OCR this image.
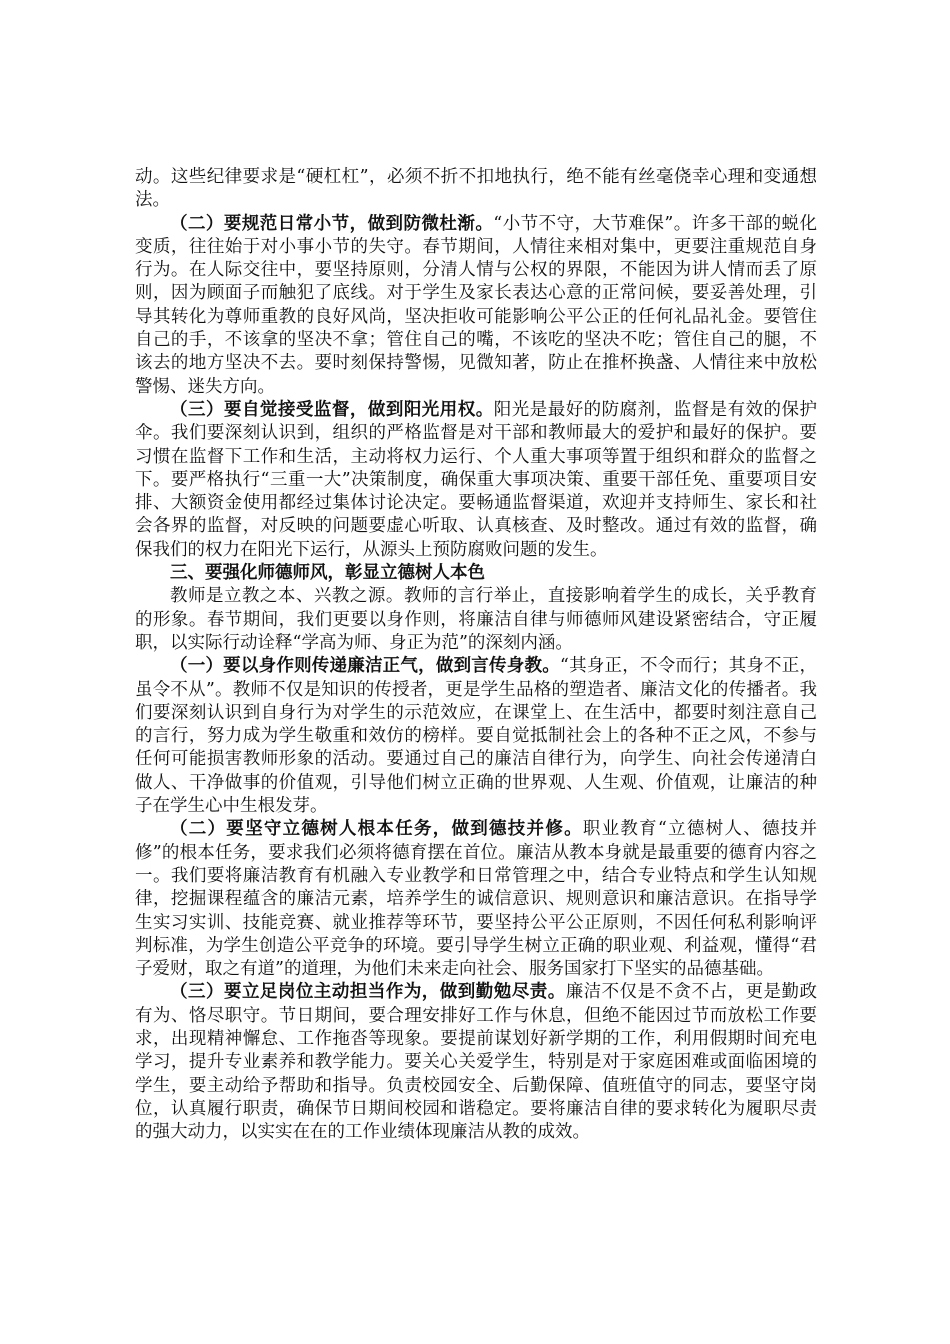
动。这些纪律要求是“硬杠杠”，必须不折不扣地执行，绝不能有丝毫侥幸心理和变通想法。

（二）要规范日常小节，做到防微杜渐。“小节不守，大节难保”。许多干部的蜕化变质，往往始于对小事小节的失守。春节期间，人情往来相对集中，更要注重规范自身行为。在人际交往中，要坚持原则，分清人情与公权的界限，不能因为讲人情而丢了原则，因为顾面子而触犯了底线。对于学生及家长表达心意的正常问候，要妥善处理，引导其转化为尊师重教的良好风尚，坚决拒收可能影响公平公正的任何礼品礼金。要管住自己的手，不该拿的坚决不拿；管住自己的嘴，不该吃的坚决不吃；管住自己的腿，不该去的地方坚决不去。要时刻保持警惕，见微知著，防止在推杯换盏、人情往来中放松警惕、迷失方向。

（三）要自觉接受监督，做到阳光用权。阳光是最好的防腐剂，监督是有效的保护伞。我们要深刻认识到，组织的严格监督是对干部和教师最大的爱护和最好的保护。要习惯在监督下工作和生活，主动将权力运行、个人重大事项等置于组织和群众的监督之下。要严格执行“三重一大”决策制度，确保重大事项决策、重要干部任免、重要项目安排、大额资金使用都经过集体讨论决定。要畅通监督渠道，欢迎并支持师生、家长和社会各界的监督，对反映的问题要虚心听取、认真核查、及时整改。通过有效的监督，确保我们的权力在阳光下运行，从源头上预防腐败问题的发生。

三、要强化师德师风，彰显立德树人本色

教师是立教之本、兴教之源。教师的言行举止，直接影响着学生的成长，关乎教育的形象。春节期间，我们更要以身作则，将廉洁自律与师德师风建设紧密结合，守正履职，以实际行动诠释“学高为师、身正为范”的深刻内涵。

（一）要以身作则传递廉洁正气，做到言传身教。“其身正，不令而行；其身不正，虽令不从”。教师不仅是知识的传授者，更是学生品格的塑造者、廉洁文化的传播者。我们要深刻认识到自身行为对学生的示范效应，在课堂上、在生活中，都要时刻注意自己的言行，努力成为学生敬重和效仿的榜样。要自觉抵制社会上的各种不正之风，不参与任何可能损害教师形象的活动。要通过自己的廉洁自律行为，向学生、向社会传递清白做人、干净做事的价值观，引导他们树立正确的世界观、人生观、价值观，让廉洁的种子在学生心中生根发芽。

（二）要坚守立德树人根本任务，做到德技并修。职业教育“立德树人、德技并修”的根本任务，要求我们必须将德育摆在首位。廉洁从教本身就是最重要的德育内容之一。我们要将廉洁教育有机融入专业教学和日常管理之中，结合专业特点和学生认知规律，挖掘课程蕴含的廉洁元素，培养学生的诚信意识、规则意识和廉洁意识。在指导学生实习实训、技能竞赛、就业推荐等环节，要坚持公平公正原则，不因任何私利影响评判标准，为学生创造公平竞争的环境。要引导学生树立正确的职业观、利益观，懂得“君子爱财，取之有道”的道理，为他们未来走向社会、服务国家打下坚实的品德基础。

（三）要立足岗位主动担当作为，做到勤勉尽责。廉洁不仅是不贪不占，更是勤政有为、恪尽职守。节日期间，要合理安排好工作与休息，但绝不能因过节而放松工作要求，出现精神懈怠、工作拖沓等现象。要提前谋划好新学期的工作，利用假期时间充电学习，提升专业素养和教学能力。要关心关爱学生，特别是对于家庭困难或面临困境的学生，要主动给予帮助和指导。负责校园安全、后勤保障、值班值守的同志，要坚守岗位，认真履行职责，确保节日期间校园和谐稳定。要将廉洁自律的要求转化为履职尽责的强大动力，以实实在在的工作业绩体现廉洁从教的成效。
